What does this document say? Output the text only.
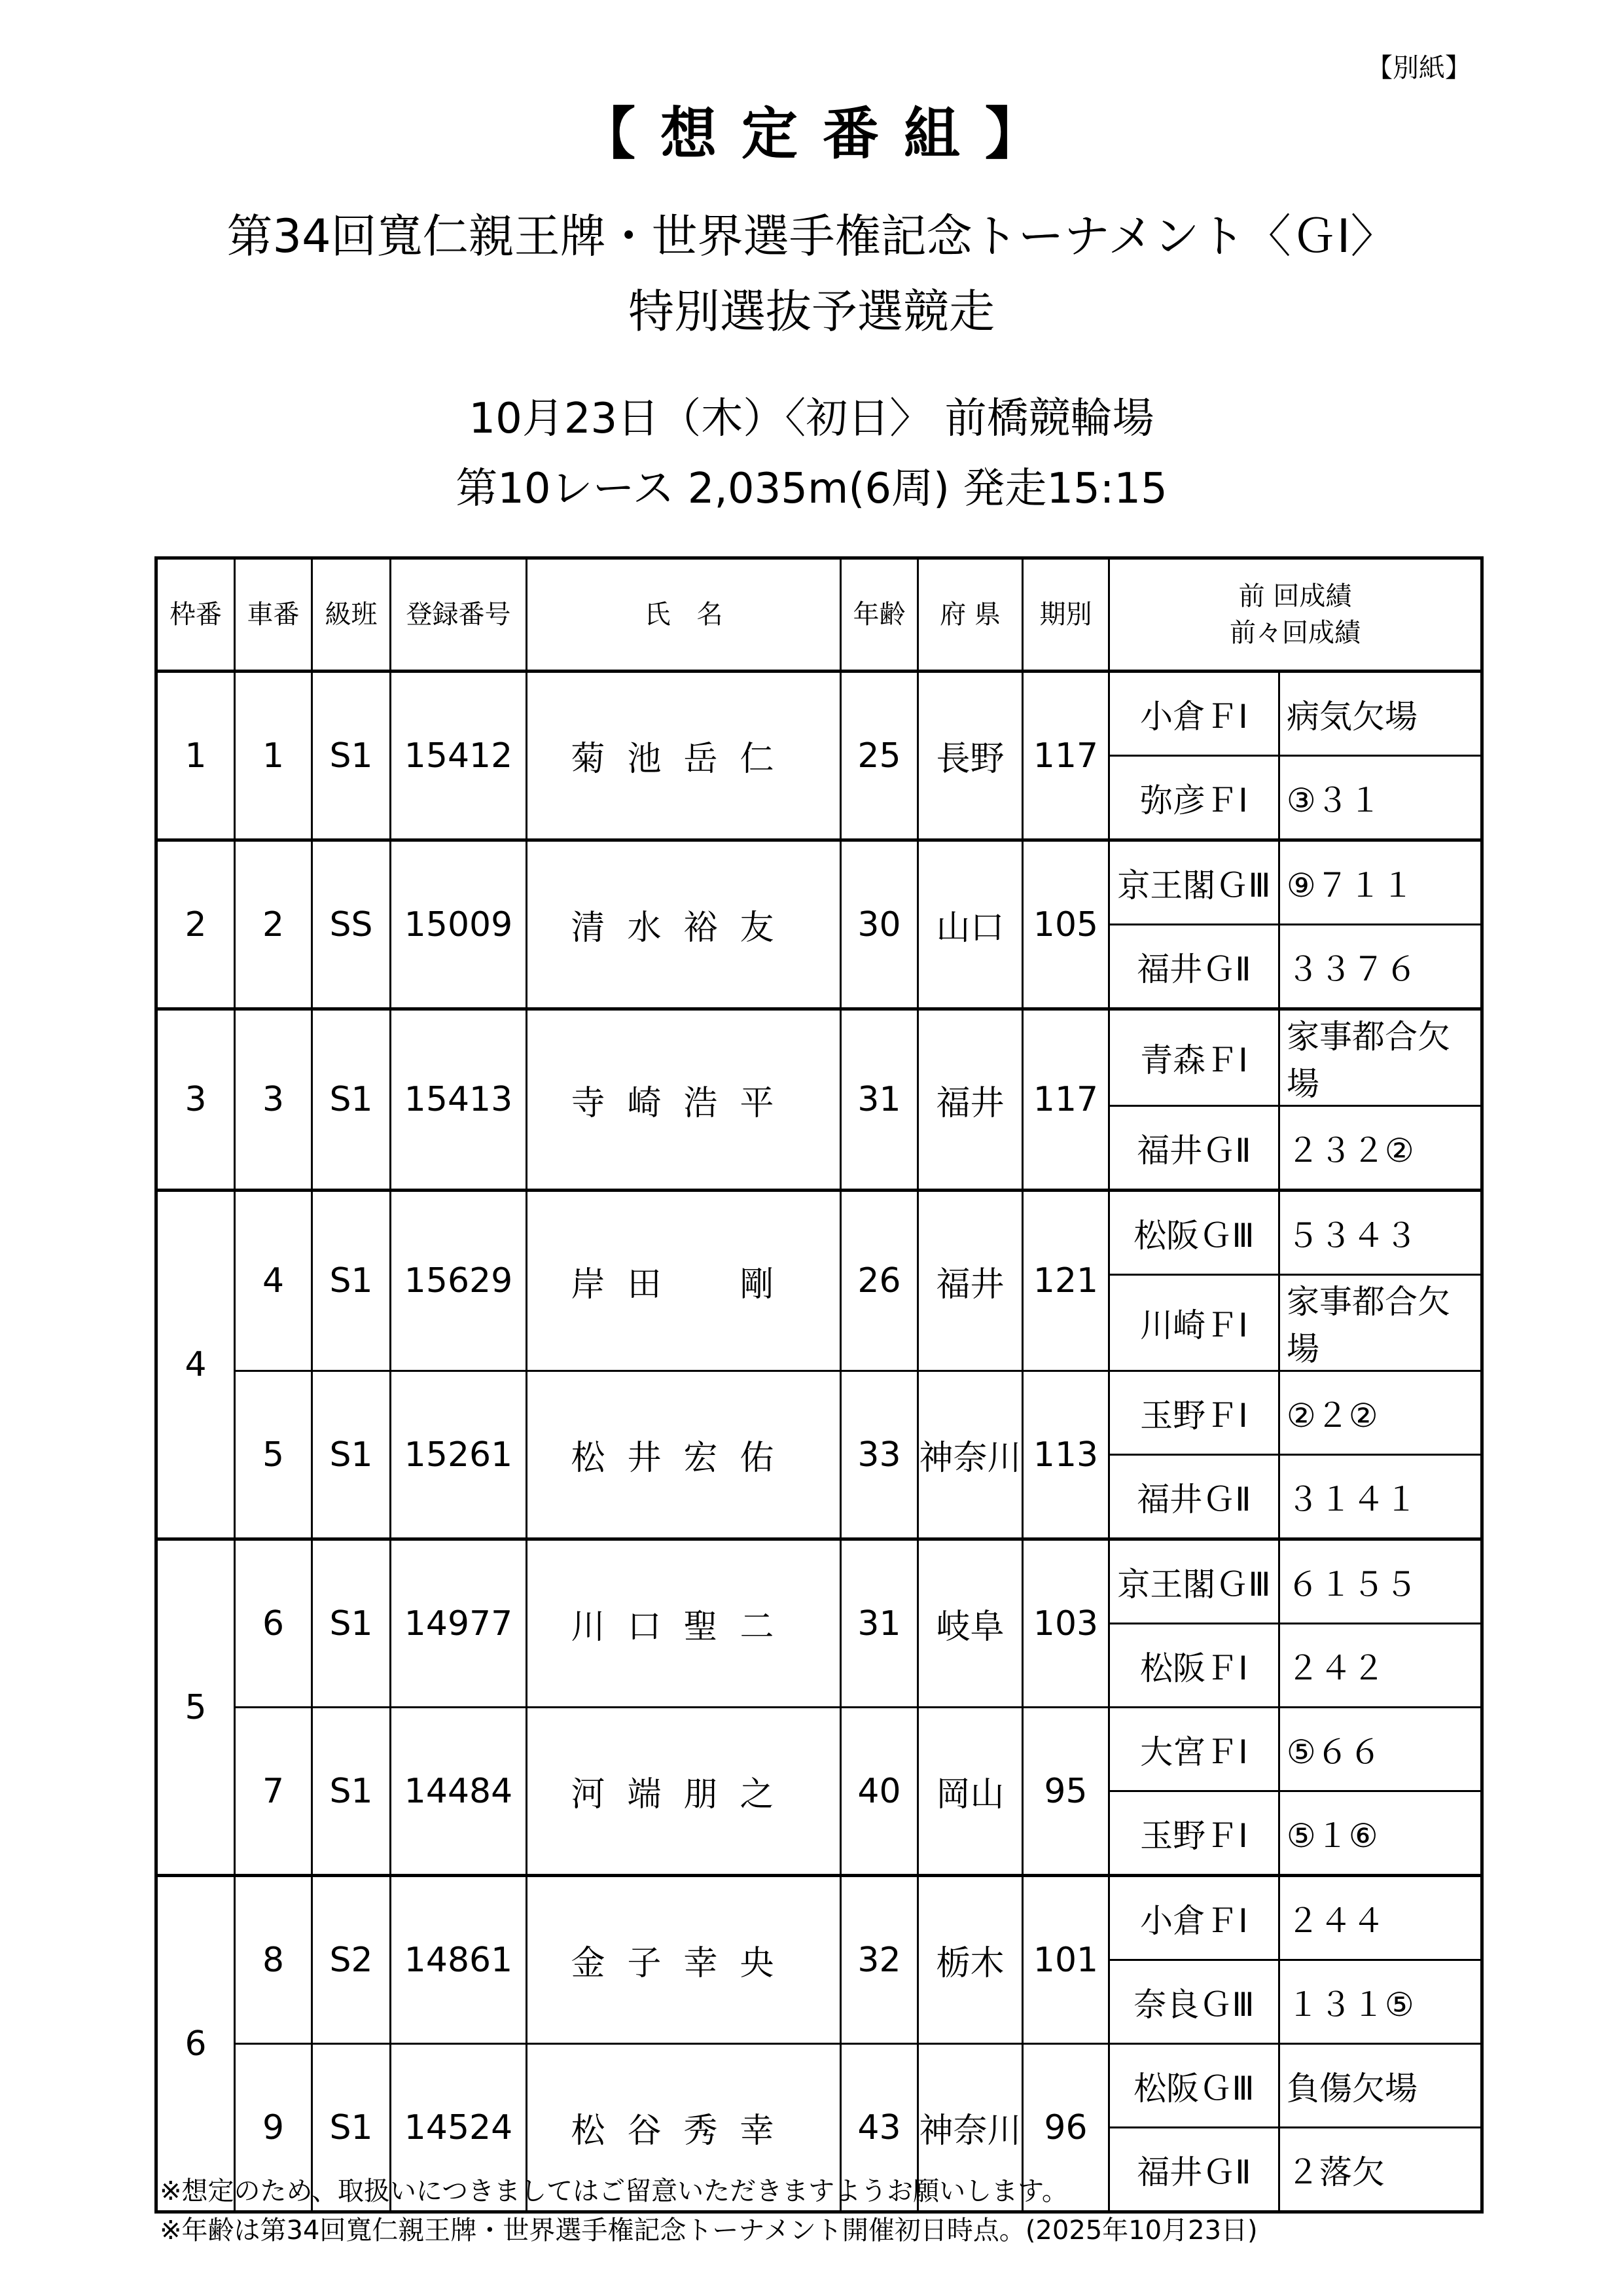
【別紙】
【 想 定 番 組 】
第34回寬仁親王牌・世界選手権記念トーナメント〈ＧⅠ〉
特別選抜予選競走
10月23日（木）〈初日〉 前橋競輪場
第10レース 2,035m(6周) 発走15:15
枠番	車番	級班	登録番号	氏　名	年齢	府 県	期別	前 回成績
前々回成績	

1	1	S1	15412	菊池岳仁	25	長野	117	小倉ＦⅠ	病気欠場
								弥彦ＦⅠ	③３１
2	2	SS	15009	清水裕友	30	山口	105	京王閣ＧⅢ	⑨７１１
								福井ＧⅡ	３３７６
3	3	S1	15413	寺崎浩平	31	福井	117	青森ＦⅠ	家事都合欠場
								福井ＧⅡ	２３２②
4	4	S1	15629	岸田　剛	26	福井	121	松阪ＧⅢ	５３４３
								川崎ＦⅠ	家事都合欠場
	5	S1	15261	松井宏佑	33	神奈川	113	玉野ＦⅠ	②２②
								福井ＧⅡ	３１４１
5	6	S1	14977	川口聖二	31	岐阜	103	京王閣ＧⅢ	６１５５
								松阪ＦⅠ	２４２
	7	S1	14484	河端朋之	40	岡山	95	大宮ＦⅠ	⑤６６
								玉野ＦⅠ	⑤１⑥
6	8	S2	14861	金子幸央	32	栃木	101	小倉ＦⅠ	２４４
								奈良ＧⅢ	１３１⑤
	9	S1	14524	松谷秀幸	43	神奈川	96	松阪ＧⅢ	負傷欠場
								福井ＧⅡ	２落欠
※想定のため、取扱いにつきましてはご留意いただきますようお願いします。
※年齢は第34回寬仁親王牌・世界選手権記念トーナメント開催初日時点。(2025年10月23日)
